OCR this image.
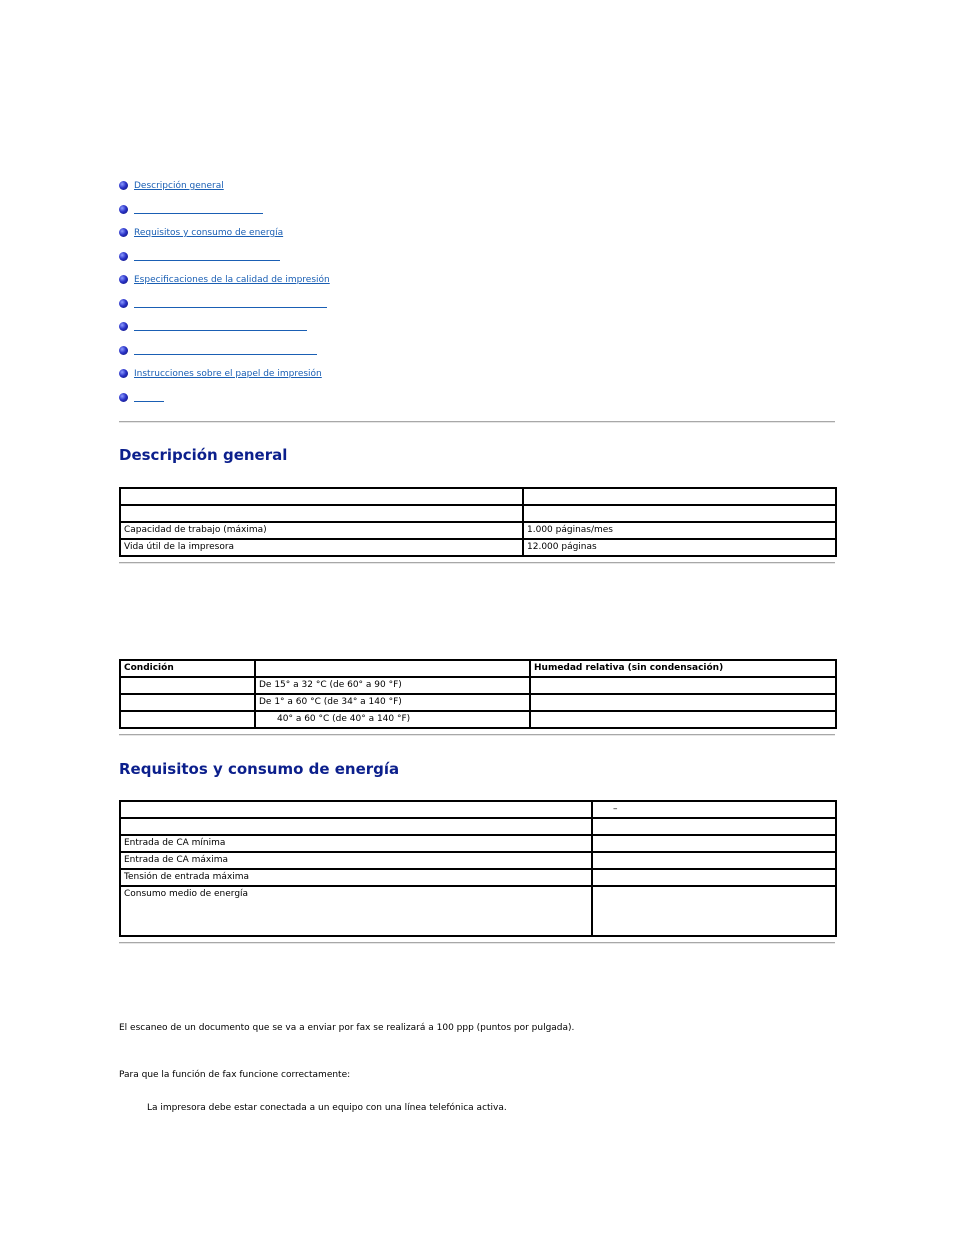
Descripción general
Requisitos y consumo de energía
Especificaciones de la calidad de impresión
Instrucciones sobre el papel de impresión
Descripción general

Capacidad de trabajo (máxima)	1.000 páginas/mes
Vida útil de la impresora	12.000 páginas
Condición		Humedad relativa (sin condensación)
	De 15° a 32 °C (de 60° a 90 °F)	
	De 1° a 60 °C (de 34° a 140 °F)	
	40° a 60 °C (de 40° a 140 °F)	
Requisitos y consumo de energía
	–

Entrada de CA mínima	
Entrada de CA máxima	
Tensión de entrada máxima	
Consumo medio de energía	
El escaneo de un documento que se va a enviar por fax se realizará a 100 ppp (puntos por pulgada).
Para que la función de fax funcione correctamente:
La impresora debe estar conectada a un equipo con una línea telefónica activa.
